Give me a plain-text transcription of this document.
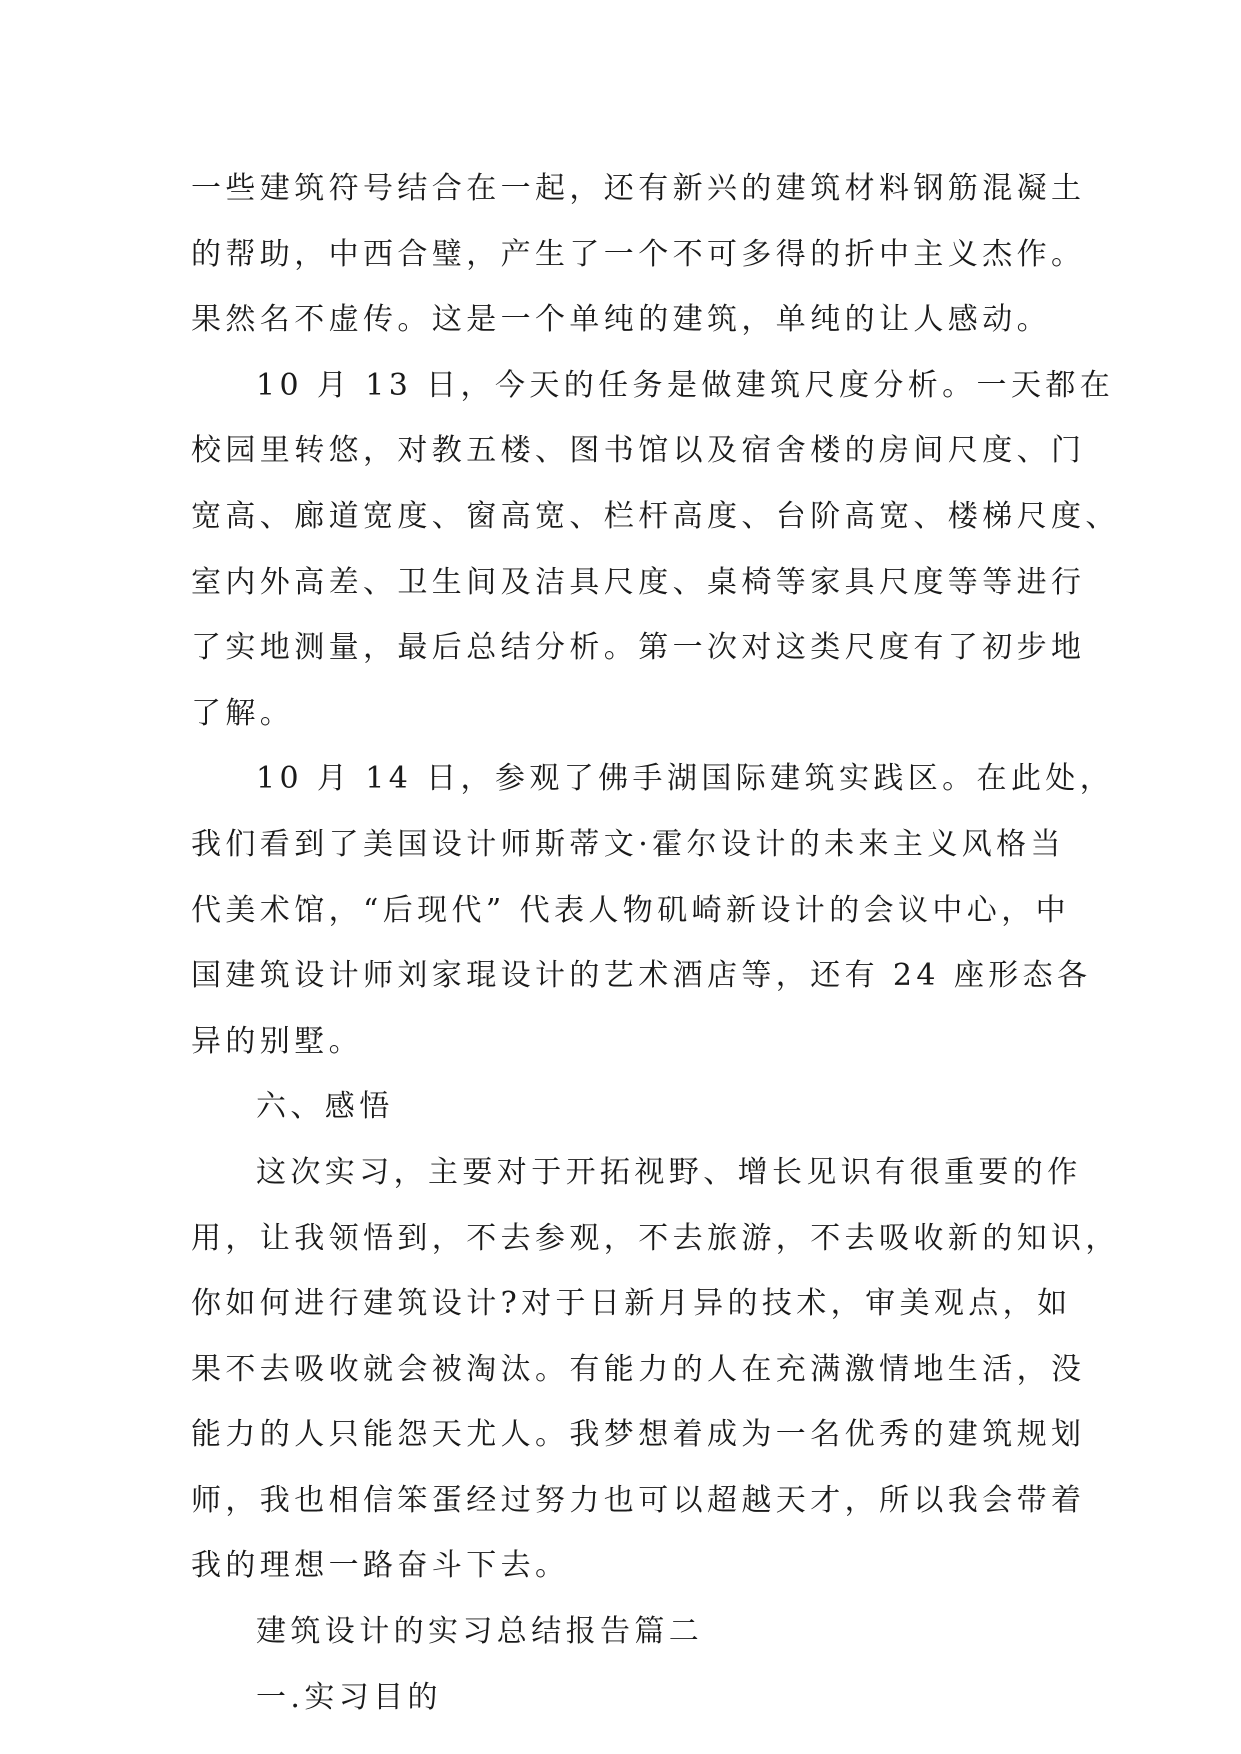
一些建筑符号结合在一起，还有新兴的建筑材料钢筋混凝土
的帮助，中西合璧，产生了一个不可多得的折中主义杰作。
果然名不虚传。这是一个单纯的建筑，单纯的让人感动。
10 月 13 日，今天的任务是做建筑尺度分析。一天都在
校园里转悠，对教五楼、图书馆以及宿舍楼的房间尺度、门
宽高、廊道宽度、窗高宽、栏杆高度、台阶高宽、楼梯尺度、
室内外高差、卫生间及洁具尺度、桌椅等家具尺度等等进行
了实地测量，最后总结分析。第一次对这类尺度有了初步地
了解。
10 月 14 日，参观了佛手湖国际建筑实践区。在此处，
我们看到了美国设计师斯蒂文·霍尔设计的未来主义风格当
代美术馆，“后现代” 代表人物矶崎新设计的会议中心，中
国建筑设计师刘家琨设计的艺术酒店等，还有 24 座形态各
异的别墅。
六、感悟
这次实习，主要对于开拓视野、增长见识有很重要的作
用，让我领悟到，不去参观，不去旅游，不去吸收新的知识，
你如何进行建筑设计?对于日新月异的技术，审美观点，如
果不去吸收就会被淘汰。有能力的人在充满激情地生活，没
能力的人只能怨天尤人。我梦想着成为一名优秀的建筑规划
师，我也相信笨蛋经过努力也可以超越天才，所以我会带着
我的理想一路奋斗下去。
建筑设计的实习总结报告篇二
一.实习目的
